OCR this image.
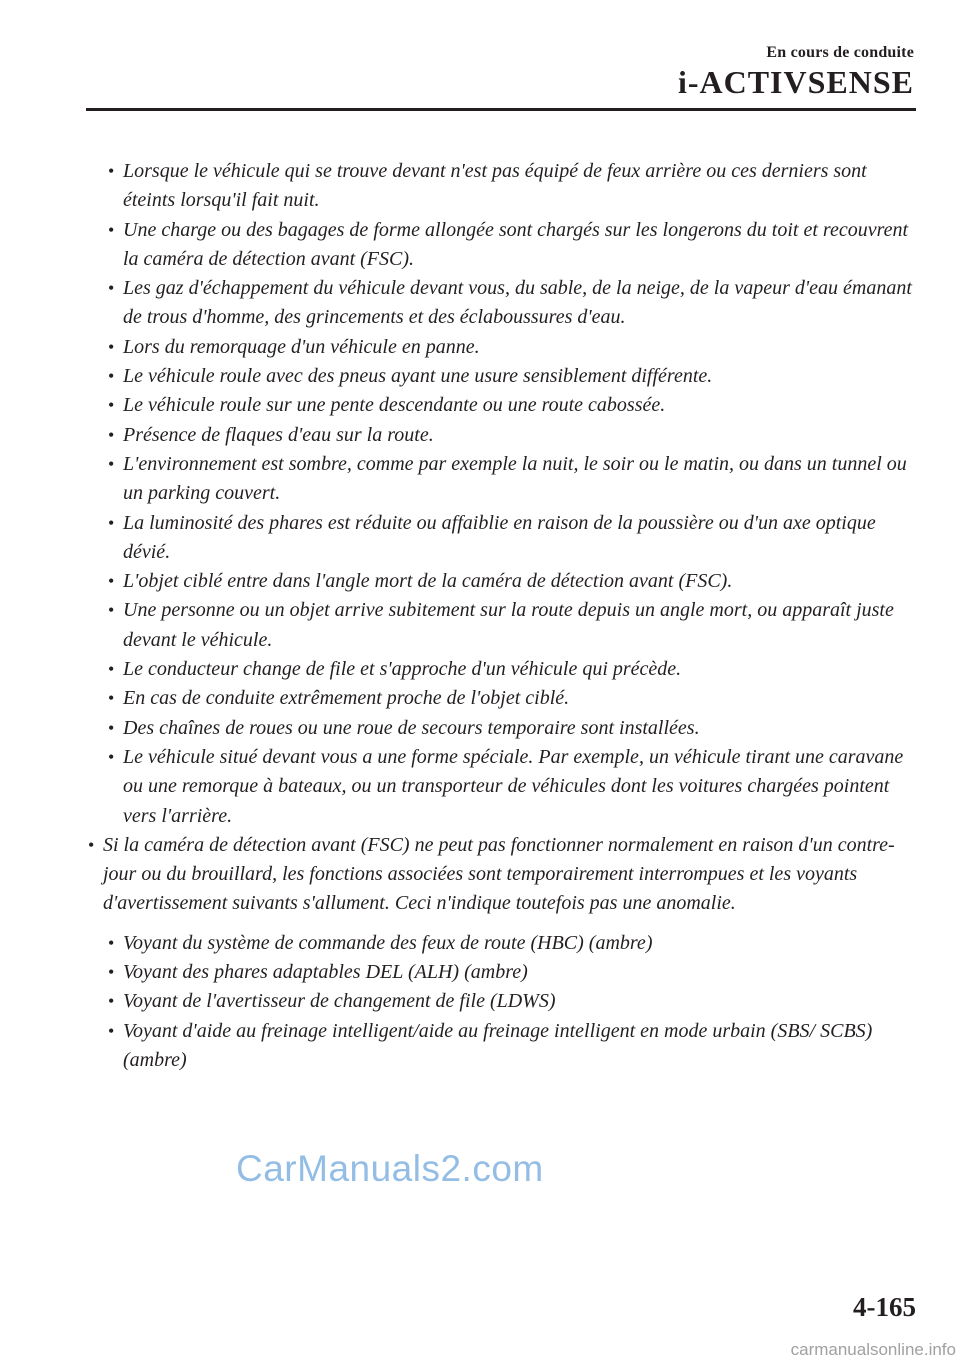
En cours de conduite
i-ACTIVSENSE
• Lorsque le véhicule qui se trouve devant n'est pas équipé de feux arrière ou ces derniers sont éteints lorsqu'il fait nuit.
• Une charge ou des bagages de forme allongée sont chargés sur les longerons du toit et recouvrent la caméra de détection avant (FSC).
• Les gaz d'échappement du véhicule devant vous, du sable, de la neige, de la vapeur d'eau émanant de trous d'homme, des grincements et des éclaboussures d'eau.
• Lors du remorquage d'un véhicule en panne.
• Le véhicule roule avec des pneus ayant une usure sensiblement différente.
• Le véhicule roule sur une pente descendante ou une route cabossée.
• Présence de flaques d'eau sur la route.
• L'environnement est sombre, comme par exemple la nuit, le soir ou le matin, ou dans un tunnel ou un parking couvert.
• La luminosité des phares est réduite ou affaiblie en raison de la poussière ou d'un axe optique dévié.
• L'objet ciblé entre dans l'angle mort de la caméra de détection avant (FSC).
• Une personne ou un objet arrive subitement sur la route depuis un angle mort, ou apparaît juste devant le véhicule.
• Le conducteur change de file et s'approche d'un véhicule qui précède.
• En cas de conduite extrêmement proche de l'objet ciblé.
• Des chaînes de roues ou une roue de secours temporaire sont installées.
• Le véhicule situé devant vous a une forme spéciale. Par exemple, un véhicule tirant une caravane ou une remorque à bateaux, ou un transporteur de véhicules dont les voitures chargées pointent vers l'arrière.
• Si la caméra de détection avant (FSC) ne peut pas fonctionner normalement en raison d'un contre-jour ou du brouillard, les fonctions associées sont temporairement interrompues et les voyants d'avertissement suivants s'allument. Ceci n'indique toutefois pas une anomalie.
• Voyant du système de commande des feux de route (HBC) (ambre)
• Voyant des phares adaptables DEL (ALH) (ambre)
• Voyant de l'avertisseur de changement de file (LDWS)
• Voyant d'aide au freinage intelligent/aide au freinage intelligent en mode urbain (SBS/ SCBS) (ambre)
CarManuals2.com
4-165
carmanualsonline.info
